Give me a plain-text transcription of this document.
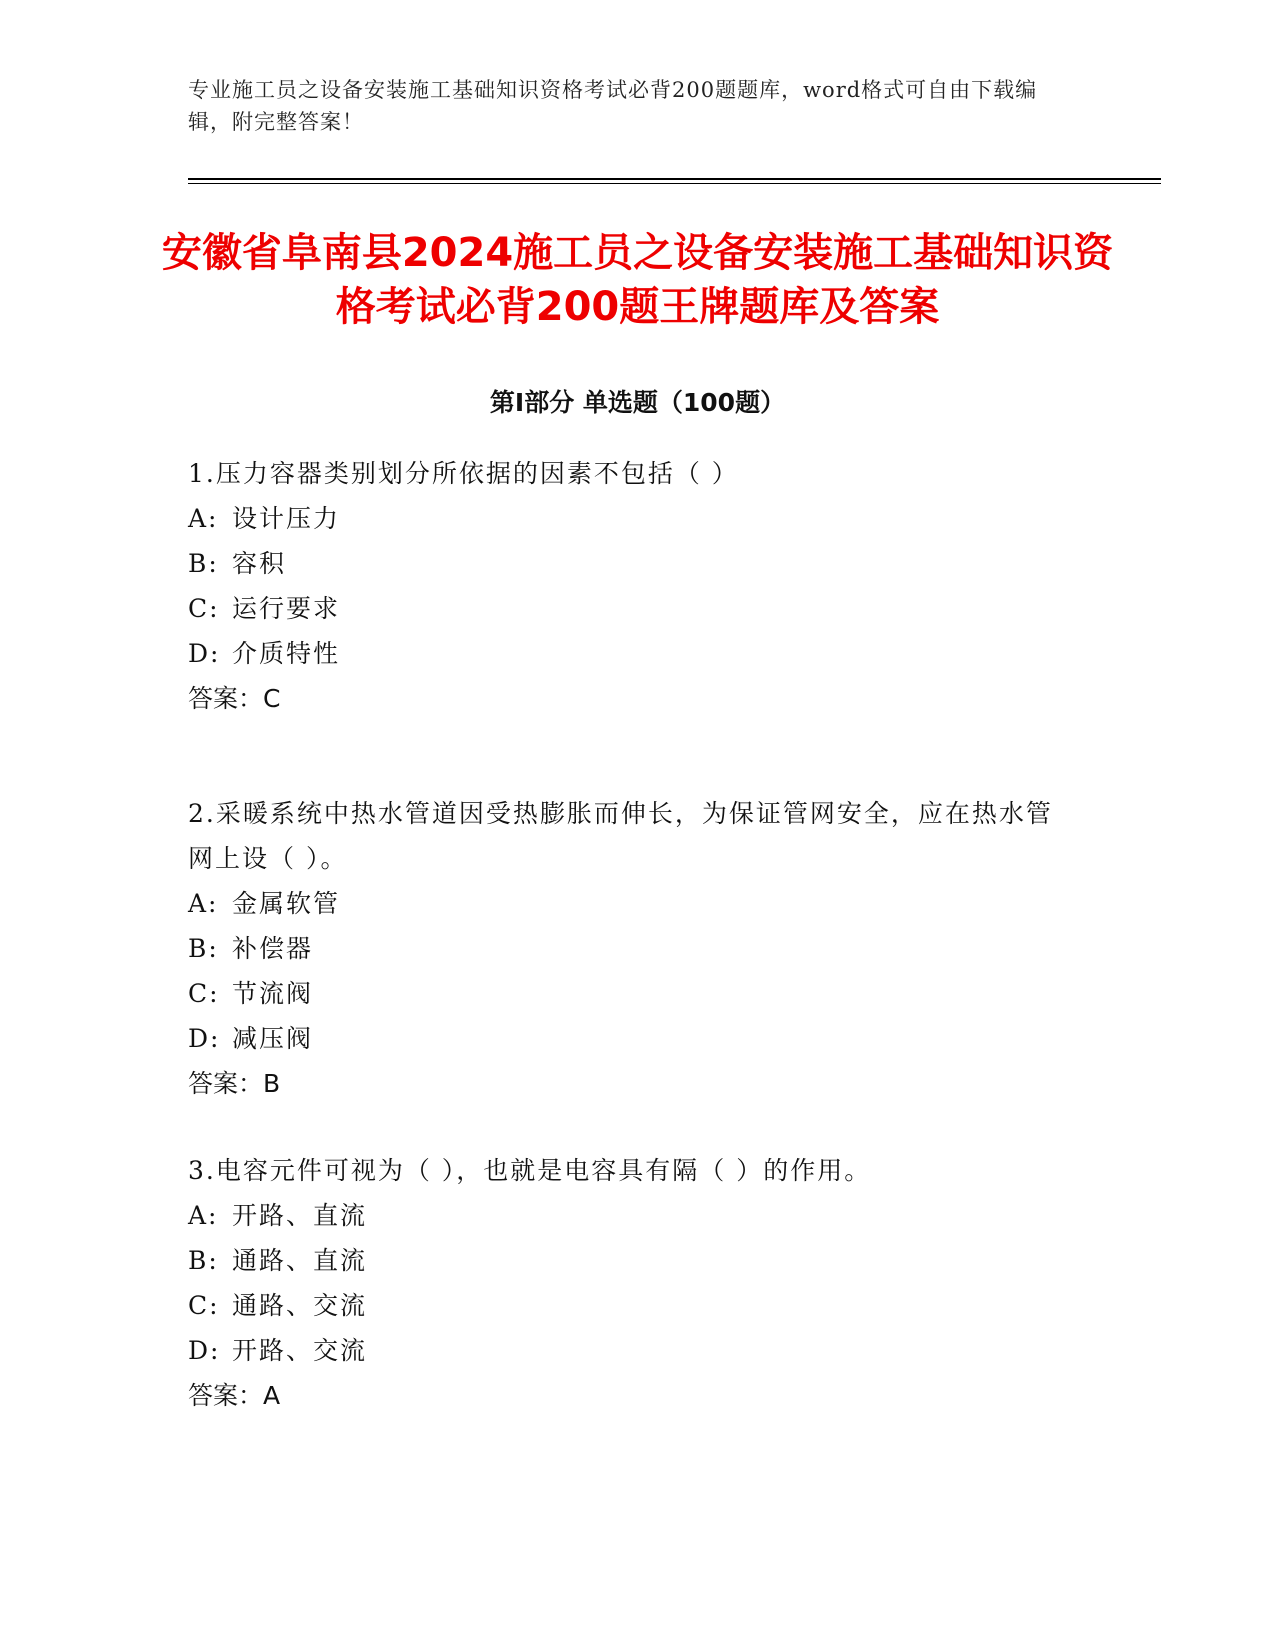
专业施工员之设备安装施工基础知识资格考试必背200题题库，word格式可自由下载编辑，附完整答案！

安徽省阜南县2024施工员之设备安装施工基础知识资格考试必背200题王牌题库及答案
第Ⅰ部分 单选题（100题）

1.压力容器类别划分所依据的因素不包括（ ）

A: 设计压力

B: 容积

C: 运行要求

D: 介质特性

答案：C

2.采暖系统中热水管道因受热膨胀而伸长，为保证管网安全，应在热水管网上设（ ）。

A: 金属软管

B: 补偿器

C: 节流阀

D: 减压阀

答案：B

3.电容元件可视为（ ），也就是电容具有隔（ ）的作用。

A: 开路、直流

B: 通路、直流

C: 通路、交流

D: 开路、交流

答案：A
